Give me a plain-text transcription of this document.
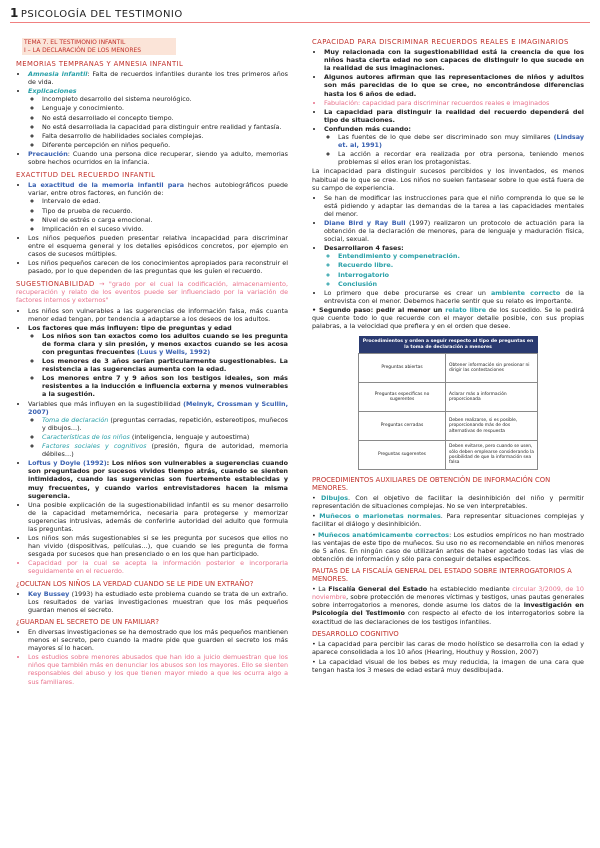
1 PSICOLOGÍA DEL TESTIMONIO
TEMA 7. EL TESTIMONIO INFANTIL
I – LA DECLARACIÓN DE LOS MENORES
MEMORIAS TEMPRANAS Y AMNESIA INFANTIL
• Amnesia infantil: Falta de recuerdos infantiles durante los tres primeros años de vida.
• Explicaciones
◦ Incompleto desarrollo del sistema neurológico.
◦ Lenguaje y conocimiento.
◦ No está desarrollado el concepto tiempo.
◦ No está desarrollada la capacidad para distinguir entre realidad y fantasía.
◦ Falta desarrollo de habilidades sociales complejas.
◦ Diferente percepción en niños pequeño.
• Precaución: Cuando una persona dice recuperar, siendo ya adulto, memorias sobre hechos ocurridos en la infancia.
EXACTITUD DEL RECUERDO INFANTIL
• La exactitud de la memoria infantil para hechos autobiográficos puede variar, entre otros factores, en función de:
◦ Intervalo de edad.
◦ Tipo de prueba de recuerdo.
◦ Nivel de estrés o carga emocional.
◦ Implicación en el suceso vivido.
• Los niños pequeños pueden presentar relativa incapacidad para discriminar entre el esquema general y los detalles episódicos concretos, por ejemplo en casos de sucesos múltiples.
• Los niños pequeños carecen de los conocimientos apropiados para reconstruir el pasado, por lo que dependen de las preguntas que les guíen el recuerdo.

SUGESTIONABILIDAD → "grado por el cual la codificación, almacenamiento, recuperación y relato de los eventos puede ser influenciado por la variación de factores internos y externos"

• Los niños son vulnerables a las sugerencias de información falsa, más cuanta menor edad tengan, por tendencia a adaptarse a los deseos de los adultos.
• Los factores que más influyen: tipo de preguntas y edad
◦ Los niños son tan exactos como los adultos cuando se les pregunta de forma clara y sin presión, y menos exactos cuando se les acosa con preguntas frecuentes (Luus y Wells, 1992)
◦ Los menores de 3 años serían particularmente sugestionables. La resistencia a las sugerencias aumenta con la edad.
◦ Los menores entre 7 y 9 años son los testigos ideales, son más resistentes a la inducción e influencia externa y menos vulnerables a la sugestión.
• Variables que más influyen en la sugestibilidad (Melnyk, Crossman y Scullin, 2007)
◦ Toma de declaración (preguntas cerradas, repetición, estereotipos, muñecos y dibujos…).
◦ Características de los niños (inteligencia, lenguaje y autoestima)
◦ Factores sociales y cognitivos (presión, figura de autoridad, memoria débiles…)
• Loftus y Doyle (1992): Los niños son vulnerables a sugerencias cuando son preguntados por sucesos vividos tiempo atrás, cuando se sienten intimidados, cuando las sugerencias son fuertemente establecidas y muy frecuentes, y cuando varios entrevistadores hacen la misma sugerencia.
• Una posible explicación de la sugestionabilidad infantil es su menor desarrollo de la capacidad metamemórica, necesaria para protegerse y memorizar sugerencias intrusivas, además de conferirle autoridad del adulto que formula las preguntas.
• Los niños son más sugestionables si se les pregunta por sucesos que ellos no han vivido (dispositivas, películas…), que cuando se les pregunta de forma sesgada por sucesos que han presenciado o en los que han participado.
• Capacidad por la cual se acepta la información posterior e incorporarla seguidamente en el recuerdo.
¿OCULTAN LOS NIÑOS LA VERDAD CUANDO SE LE PIDE UN EXTRAÑO?
• Key Bussey (1993) ha estudiado este problema cuando se trata de un extraño. Los resultados de varias investigaciones muestran que los más pequeños guardan menos el secreto.
¿GUARDAN EL SECRETO DE UN FAMILIAR?
• En diversas investigaciones se ha demostrado que los más pequeños mantienen menos el secreto, pero cuando la madre pide que guarden el secreto los más mayores sí lo hacen.
• Los estudios sobre menores abusados que han ido a juicio demuestran que los niños que también más en denunciar los abusos son los mayores. Ello se sienten responsables del abuso y los que tienen mayor miedo a que les ocurra algo a sus familiares.
CAPACIDAD PARA DISCRIMINAR RECUERDOS REALES E IMAGINARIOS
• Muy relacionada con la sugestionabilidad está la creencia de que los niños hasta cierta edad no son capaces de distinguir lo que sucede en la realidad de sus imaginaciones.
• Algunos autores afirman que las representaciones de niños y adultos son más parecidas de lo que se cree, no encontrándose diferencias hasta los 6 años de edad.
• Fabulación: capacidad para discriminar recuerdos reales e imaginados
• La capacidad para distinguir la realidad del recuerdo dependerá del tipo de situaciones.
• Confunden más cuando:
◦ Las fuentes de lo que debe ser discriminado son muy similares (Lindsay et. al, 1991)
◦ La acción a recordar era realizada por otra persona, teniendo menos problemas si ellos eran los protagonistas.

La incapacidad para distinguir sucesos percibidos y los inventados, es menos habitual de lo que se cree. Los niños no suelen fantasear sobre lo que está fuera de su campo de experiencia.

• Se han de modificar las instrucciones para que el niño comprenda lo que se le está pidiendo y adaptar las demandas de la tarea a las capacidades mentales del menor.
• Diane Bird y Ray Bull (1997) realizaron un protocolo de actuación para la obtención de la declaración de menores, para de lenguaje y maduración física, social, sexual.
• Desarrollaron 4 fases:
◦ Entendimiento y compenetración.
◦ Recuerdo libre.
◦ Interrogatorio
◦ Conclusión
• Lo primero que debe procurarse es crear un ambiente correcto de la entrevista con el menor. Debemos hacerle sentir que su relato es importante.

• Segundo paso: pedir al menor un relato libre de los sucedido. Se le pedirá que cuente todo lo que recuerde con el mayor detalle posible, con sus propias palabras, a la velocidad que prefiera y en el orden que desee.

Procedimientos y orden a seguir respecto al tipo de preguntas en la toma de declaración a menores	
Preguntas abiertas	Obtener información sin presionar ni dirigir las contestaciones
Preguntas específicas no sugerentes	Aclarar más a información proporcionada
Preguntas cerradas	Deben realizarse, si es posible, proporcionando más de dos alternativas de respuesta
Preguntas sugerentes	Deben evitarse, pero cuando se usen, sólo deben emplearse considerando la posibilidad de que la información sea falsa
PROCEDIMIENTOS AUXILIARES DE OBTENCIÓN DE INFORMACIÓN CON MENORES.

• Dibujos. Con el objetivo de facilitar la desinhibición del niño y permitir representación de situaciones complejas. No se ven interpretables.

• Muñecos o marionetas normales. Para representar situaciones complejas y facilitar el diálogo y desinhibición.

• Muñecos anatómicamente correctos: Los estudios empíricos no han mostrado las ventajas de este tipo de muñecos. Su uso no es recomendable en niños menores de 5 años. En ningún caso de utilizarán antes de haber agotado todas las vías de obtención de información y sólo para conseguir detalles específicos.

PAUTAS DE LA FISCALÍA GENERAL DEL ESTADO SOBRE INTERROGATORIOS A MENORES.

• La Fiscalía General del Estado ha establecido mediante circular 3/2009, de 10 noviembre, sobre protección de menores víctimas y testigos, unas pautas generales sobre interrogatorios a menores, donde asume los datos de la investigación en Psicología del Testimonio con respecto al efecto de los interrogatorios sobre la exactitud de las declaraciones de los testigos infantiles.

DESARROLLO COGNITIVO

• La capacidad para percibir las caras de modo holístico se desarrolla con la edad y aparece consolidada a los 10 años (Hearing, Houthuy y Rossion, 2007)

• La capacidad visual de los bebes es muy reducida, la imagen de una cara que tengan hasta los 3 meses de edad estará muy desdibujada.
